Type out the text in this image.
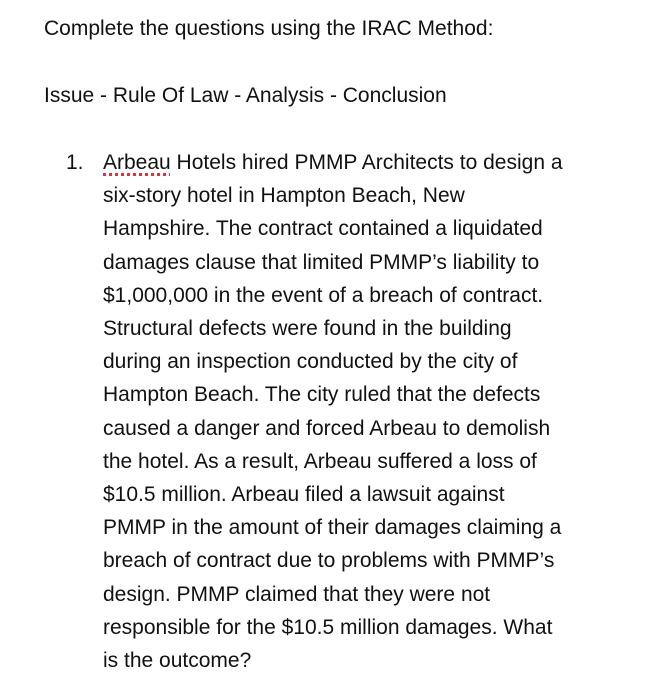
Complete the questions using the IRAC Method:

Issue - Rule Of Law - Analysis - Conclusion

1. Arbeau Hotels hired PMMP Architects to design a
six-story hotel in Hampton Beach, New
Hampshire. The contract contained a liquidated
damages clause that limited PMMP’s liability to
$1,000,000 in the event of a breach of contract.
Structural defects were found in the building
during an inspection conducted by the city of
Hampton Beach. The city ruled that the defects
caused a danger and forced Arbeau to demolish
the hotel. As a result, Arbeau suffered a loss of
$10.5 million. Arbeau filed a lawsuit against
PMMP in the amount of their damages claiming a
breach of contract due to problems with PMMP’s
design. PMMP claimed that they were not
responsible for the $10.5 million damages. What
is the outcome?
